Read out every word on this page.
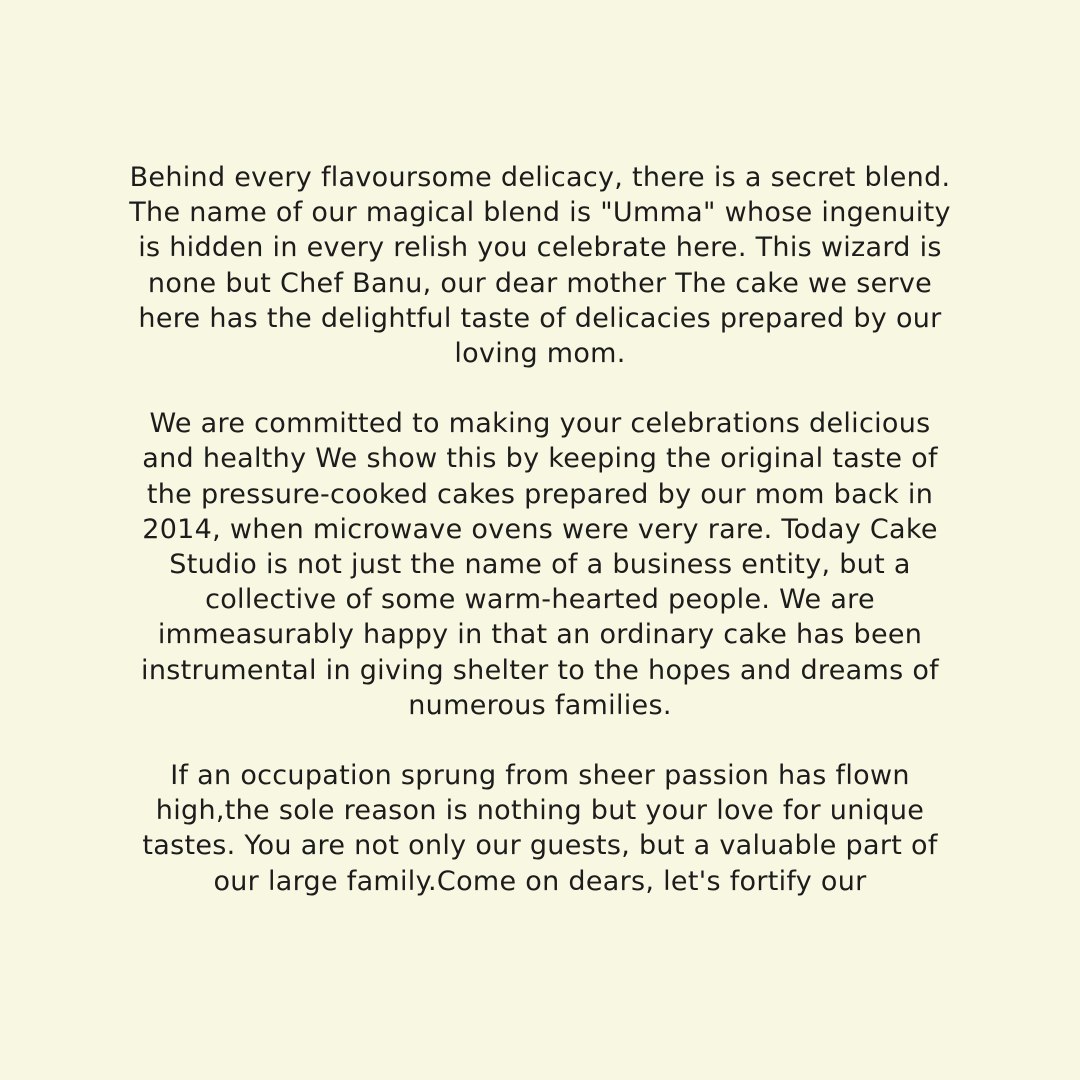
Behind every flavoursome delicacy, there is a secret blend.
The name of our magical blend is "Umma" whose ingenuity
is hidden in every relish you celebrate here. This wizard is
none but Chef Banu, our dear mother The cake we serve
here has the delightful taste of delicacies prepared by our
loving mom.

We are committed to making your celebrations delicious
and healthy We show this by keeping the original taste of
the pressure-cooked cakes prepared by our mom back in
2014, when microwave ovens were very rare. Today Cake
Studio is not just the name of a business entity, but a
collective of some warm-hearted people. We are
immeasurably happy in that an ordinary cake has been
instrumental in giving shelter to the hopes and dreams of
numerous families.

If an occupation sprung from sheer passion has flown
high,the sole reason is nothing but your love for unique
tastes. You are not only our guests, but a valuable part of
our large family.Come on dears, let's fortify our
